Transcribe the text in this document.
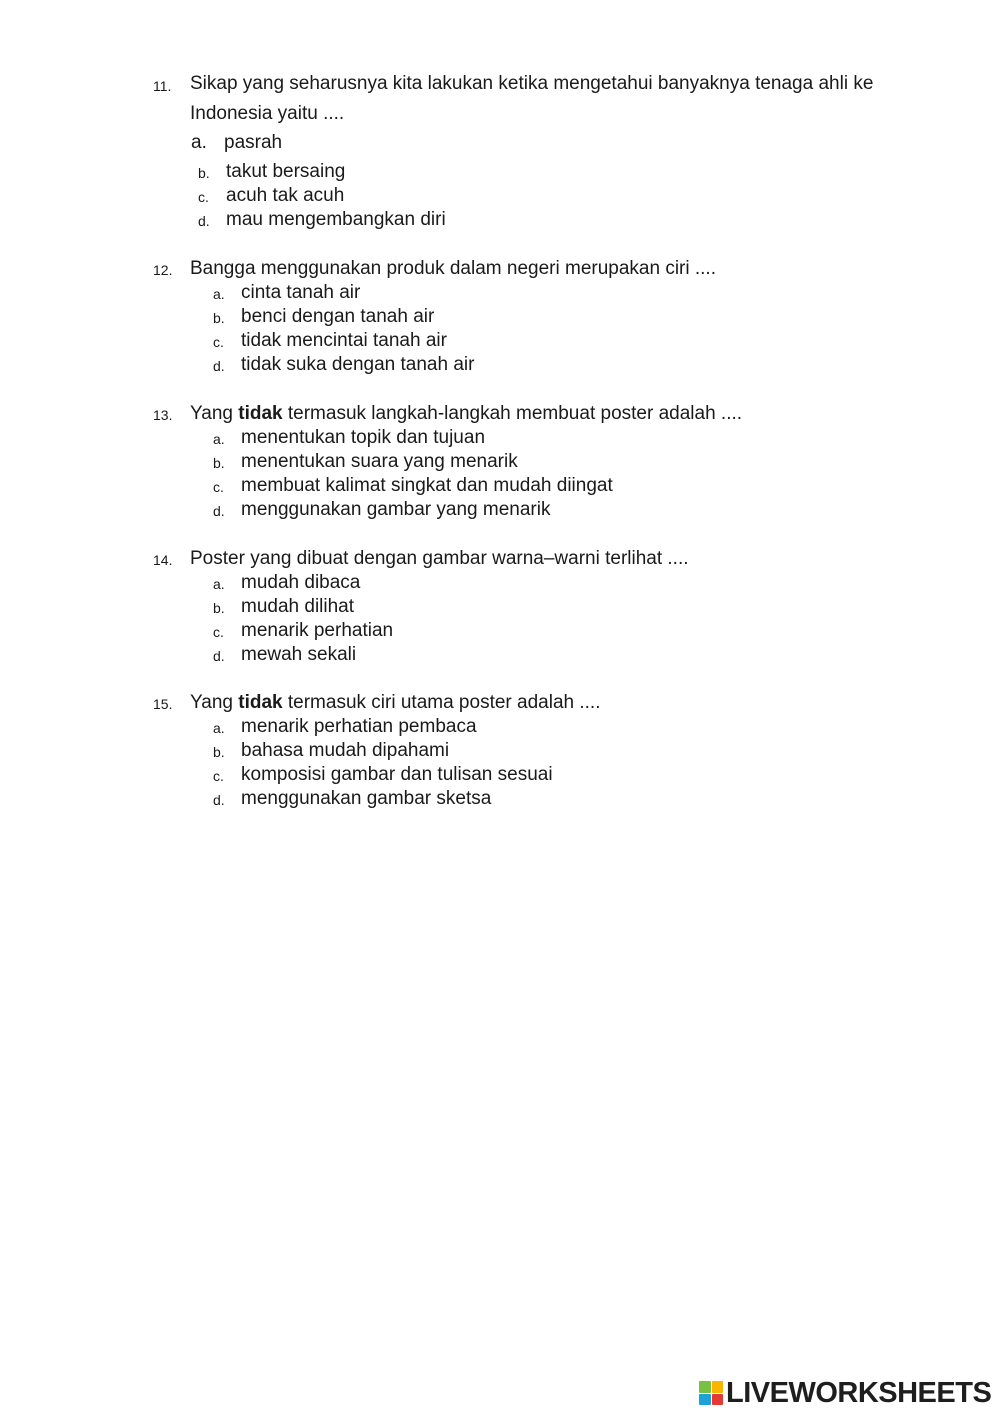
11. Sikap yang seharusnya kita lakukan ketika mengetahui banyaknya tenaga ahli ke
Indonesia yaitu ....
a. pasrah
b. takut bersaing
c. acuh tak acuh
d. mau mengembangkan diri
12. Bangga menggunakan produk dalam negeri merupakan ciri ....
a. cinta tanah air
b. benci dengan tanah air
c. tidak mencintai tanah air
d. tidak suka dengan tanah air
13. Yang tidak termasuk langkah-langkah membuat poster adalah ....
a. menentukan topik dan tujuan
b. menentukan suara yang menarik
c. membuat kalimat singkat dan mudah diingat
d. menggunakan gambar yang menarik
14. Poster yang dibuat dengan gambar warna–warni terlihat ....
a. mudah dibaca
b. mudah dilihat
c. menarik perhatian
d. mewah sekali
15. Yang tidak termasuk ciri utama poster adalah ....
a. menarik perhatian pembaca
b. bahasa mudah dipahami
c. komposisi gambar dan tulisan sesuai
d. menggunakan gambar sketsa
LIVEWORKSHEETS
